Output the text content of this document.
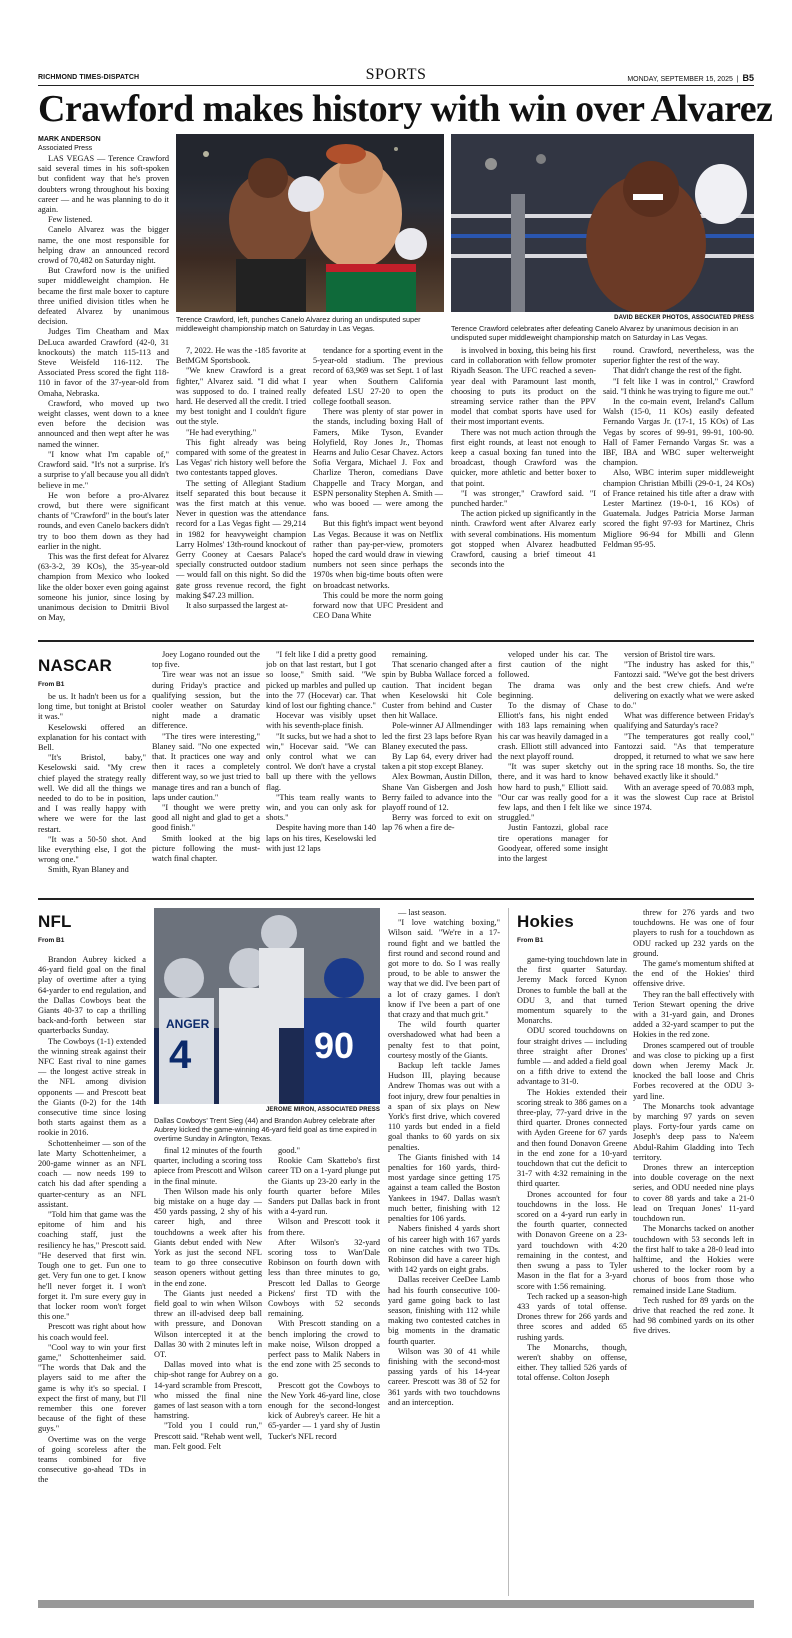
RICHMOND TIMES-DISPATCH	SPORTS	MONDAY, SEPTEMBER 15, 2025  |  B5
Crawford makes history with win over Alvarez
MARK ANDERSON
Associated Press

LAS VEGAS — Terence Crawford said several times in his soft-spoken but confident way that he's proven doubters wrong throughout his boxing career — and he was planning to do it again.

Few listened.

Canelo Alvarez was the bigger name, the one most responsible for helping draw an announced record crowd of 70,482 on Saturday night.

But Crawford now is the unified super middleweight champion. He became the first male boxer to capture three unified division titles when he defeated Alvarez by unanimous decision.

Judges Tim Cheatham and Max DeLuca awarded Crawford (42-0, 31 knockouts) the match 115-113 and Steve Weisfeld 116-112. The Associated Press scored the fight 118-110 in favor of the 37-year-old from Omaha, Nebraska.

Crawford, who moved up two weight classes, went down to a knee even before the decision was announced and then wept after he was named the winner.

"I know what I'm capable of," Crawford said. "It's not a surprise. It's a surprise to y'all because you all didn't believe in me."

He won before a pro-Alvarez crowd, but there were significant chants of "Crawford" in the bout's later rounds, and even Canelo backers didn't try to boo them down as they had earlier in the night.

This was the first defeat for Alvarez (63-3-2, 39 KOs), the 35-year-old champion from Mexico who looked like the older boxer even going against someone his junior, since losing by unanimous decision to Dmitrii Bivol on May,

Terence Crawford, left, punches Canelo Alvarez during an undisputed super middleweight championship match on Saturday in Las Vegas.
DAVID BECKER PHOTOS, ASSOCIATED PRESS
Terence Crawford celebrates after defeating Canelo Alvarez by unanimous decision in an undisputed super middleweight championship match on Saturday in Las Vegas.

7, 2022. He was the -185 favorite at BetMGM Sportsbook.

"We knew Crawford is a great fighter," Alvarez said. "I did what I was supposed to do. I trained really hard. He deserved all the credit. I tried my best tonight and I couldn't figure out the style.

"He had everything."

This fight already was being compared with some of the greatest in Las Vegas' rich history well before the two contestants tapped gloves.

The setting of Allegiant Stadium itself separated this bout because it was the first match at this venue. Never in question was the attendance record for a Las Vegas fight — 29,214 in 1982 for heavyweight champion Larry Holmes' 13th-round knockout of Gerry Cooney at Caesars Palace's specially constructed outdoor stadium — would fall on this night. So did the gate gross revenue record, the fight making $47.23 million.

It also surpassed the largest at-

tendance for a sporting event in the 5-year-old stadium. The previous record of 63,969 was set Sept. 1 of last year when Southern California defeated LSU 27-20 to open the college football season.

There was plenty of star power in the stands, including boxing Hall of Famers, Mike Tyson, Evander Holyfield, Roy Jones Jr., Thomas Hearns and Julio Cesar Chavez. Actors Sofia Vergara, Michael J. Fox and Charlize Theron, comedians Dave Chappelle and Tracy Morgan, and ESPN personality Stephen A. Smith — who was booed — were among the fans.

But this fight's impact went beyond Las Vegas. Because it was on Netflix rather than pay-per-view, promoters hoped the card would draw in viewing numbers not seen since perhaps the 1970s when big-time bouts often were on broadcast networks.

This could be more the norm going forward now that UFC President and CEO Dana White

is involved in boxing, this being his first card in collaboration with fellow promoter Riyadh Season. The UFC reached a seven-year deal with Paramount last month, choosing to puts its product on the streaming service rather than the PPV model that combat sports have used for their most important events.

There was not much action through the first eight rounds, at least not enough to keep a casual boxing fan tuned into the broadcast, though Crawford was the quicker, more athletic and better boxer to that point.

"I was stronger," Crawford said. "I punched harder."

The action picked up significantly in the ninth. Crawford went after Alvarez early with several combinations. His momentum got stopped when Alvarez headbutted Crawford, causing a brief timeout 41 seconds into the

round. Crawford, nevertheless, was the superior fighter the rest of the way.

That didn't change the rest of the fight.

"I felt like I was in control," Crawford said. "I think he was trying to figure me out."

In the co-main event, Ireland's Callum Walsh (15-0, 11 KOs) easily defeated Fernando Vargas Jr. (17-1, 15 KOs) of Las Vegas by scores of 99-91, 99-91, 100-90. Hall of Famer Fernando Vargas Sr. was a IBF, IBA and WBC super welterweight champion.

Also, WBC interim super middleweight champion Christian Mbilli (29-0-1, 24 KOs) of France retained his title after a draw with Lester Martinez (19-0-1, 16 KOs) of Guatemala. Judges Patricia Morse Jarman scored the fight 97-93 for Martinez, Chris Migliore 96-94 for Mbilli and Glenn Feldman 95-95.

NASCAR
From B1

be us. It hadn't been us for a long time, but tonight at Bristol it was."

Keselowski offered an explanation for his contact with Bell.

"It's Bristol, baby," Keselowski said. "My crew chief played the strategy really well. We did all the things we needed to do to be in position, and I was really happy with where we were for the last restart.

"It was a 50-50 shot. And like everything else, I got the wrong one."

Smith, Ryan Blaney and

Joey Logano rounded out the top five.

Tire wear was not an issue during Friday's practice and qualifying session, but the cooler weather on Saturday night made a dramatic difference.

"The tires were interesting," Blaney said. "No one expected that. It practices one way and then it races a completely different way, so we just tried to manage tires and ran a bunch of laps under caution."

"I thought we were pretty good all night and glad to get a good finish."

Smith looked at the big picture following the must-watch final chapter.

"I felt like I did a pretty good job on that last restart, but I got so loose," Smith said. "We picked up marbles and pulled up into the 77 (Hocevar) car. That kind of lost our fighting chance."

Hocevar was visibly upset with his seventh-place finish.

"It sucks, but we had a shot to win," Hocevar said. "We can only control what we can control. We don't have a crystal ball up there with the yellows flag.

"This team really wants to win, and you can only ask for shots."

Despite having more than 140 laps on his tires, Keselowski led with just 12 laps

remaining.

That scenario changed after a spin by Bubba Wallace forced a caution. That incident began when Keselowski hit Cole Custer from behind and Custer then hit Wallace.

Pole-winner AJ Allmendinger led the first 23 laps before Ryan Blaney executed the pass.

By Lap 64, every driver had taken a pit stop except Blaney.

Alex Bowman, Austin Dillon, Shane Van Gisbergen and Josh Berry failed to advance into the playoff round of 12.

Berry was forced to exit on lap 76 when a fire de-

veloped under his car. The first caution of the night followed.

The drama was only beginning.

To the dismay of Chase Elliott's fans, his night ended with 183 laps remaining when his car was heavily damaged in a crash. Elliott still advanced into the next playoff round.

"It was super sketchy out there, and it was hard to know how hard to push," Elliott said. "Our car was really good for a few laps, and then I felt like we struggled."

Justin Fantozzi, global race tire operations manager for Goodyear, offered some insight into the largest

version of Bristol tire wars.

"The industry has asked for this," Fantozzi said. "We've got the best drivers and the best crew chiefs. And we're delivering on exactly what we were asked to do."

What was difference between Friday's qualifying and Saturday's race?

"The temperatures got really cool," Fantozzi said. "As that temperature dropped, it returned to what we saw here in the spring race 18 months. So, the tire behaved exactly like it should."

With an average speed of 70.083 mph, it was the slowest Cup race at Bristol since 1974.

NFL
From B1

Brandon Aubrey kicked a 46-yard field goal on the final play of overtime after a tying 64-yarder to end regulation, and the Dallas Cowboys beat the Giants 40-37 to cap a thrilling back-and-forth between star quarterbacks Sunday.

The Cowboys (1-1) extended the winning streak against their NFC East rival to nine games — the longest active streak in the NFL among division opponents — and Prescott beat the Giants (0-2) for the 14th consecutive time since losing both starts against them as a rookie in 2016.

Schottenheimer — son of the late Marty Schottenheimer, a 200-game winner as an NFL coach — now needs 199 to catch his dad after spending a quarter-century as an NFL assistant.

"Told him that game was the epitome of him and his coaching staff, just the resiliency he has," Prescott said. "He deserved that first win. Tough one to get. Fun one to get. Very fun one to get. I know he'll never forget it. I won't forget it. I'm sure every guy in that locker room won't forget this one."

Prescott was right about how his coach would feel.

"Cool way to win your first game," Schottenheimer said. "The words that Dak and the players said to me after the game is why it's so special. I expect the first of many, but I'll remember this one forever because of the fight of these guys."

Overtime was on the verge of going scoreless after the teams combined for five consecutive go-ahead TDs in the

ANGER
4	90
JEROME MIRON, ASSOCIATED PRESS
Dallas Cowboys' Trent Sieg (44) and Brandon Aubrey celebrate after Aubrey kicked the game-winning 46-yard field goal as time expired in overtime Sunday in Arlington, Texas.

final 12 minutes of the fourth quarter, including a scoring toss apiece from Prescott and Wilson in the final minute.

Then Wilson made his only big mistake on a huge day — 450 yards passing, 2 shy of his career high, and three touchdowns a week after his Giants debut ended with New York as just the second NFL team to go three consecutive season openers without getting in the end zone.

The Giants just needed a field goal to win when Wilson threw an ill-advised deep ball with pressure, and Donovan Wilson intercepted it at the Dallas 30 with 2 minutes left in OT.

Dallas moved into what is chip-shot range for Aubrey on a 14-yard scramble from Prescott, who missed the final nine games of last season with a torn hamstring.

"Told you I could run," Prescott said. "Rehab went well, man. Felt good. Felt

good."

Rookie Cam Skattebo's first career TD on a 1-yard plunge put the Giants up 23-20 early in the fourth quarter before Miles Sanders put Dallas back in front with a 4-yard run.

Wilson and Prescott took it from there.

After Wilson's 32-yard scoring toss to Wan'Dale Robinson on fourth down with less than three minutes to go, Prescott led Dallas to George Pickens' first TD with the Cowboys with 52 seconds remaining.

With Prescott standing on a bench imploring the crowd to make noise, Wilson dropped a perfect pass to Malik Nabers in the end zone with 25 seconds to go.

Prescott got the Cowboys to the New York 46-yard line, close enough for the second-longest kick of Aubrey's career. He hit a 65-yarder — 1 yard shy of Justin Tucker's NFL record

— last season.

"I love watching boxing," Wilson said. "We're in a 17-round fight and we battled the first round and second round and got more to do. So I was really proud, to be able to answer the way that we did. I've been part of a lot of crazy games. I don't know if I've been a part of one that crazy and that much grit."

The wild fourth quarter overshadowed what had been a penalty fest to that point, courtesy mostly of the Giants.

Backup left tackle James Hudson III, playing because Andrew Thomas was out with a foot injury, drew four penalties in a span of six plays on New York's first drive, which covered 110 yards but ended in a field goal thanks to 60 yards on six penalties.

The Giants finished with 14 penalties for 160 yards, third-most yardage since getting 175 against a team called the Boston Yankees in 1947. Dallas wasn't much better, finishing with 12 penalties for 106 yards.

Nabers finished 4 yards short of his career high with 167 yards on nine catches with two TDs. Robinson did have a career high with 142 yards on eight grabs.

Dallas receiver CeeDee Lamb had his fourth consecutive 100-yard game going back to last season, finishing with 112 while making two contested catches in big moments in the dramatic fourth quarter.

Wilson was 30 of 41 while finishing with the second-most passing yards of his 14-year career. Prescott was 38 of 52 for 361 yards with two touchdowns and an interception.

Hokies
From B1

game-tying touchdown late in the first quarter Saturday. Jeremy Mack forced Kynon Drones to fumble the ball at the ODU 3, and that turned momentum squarely to the Monarchs.

ODU scored touchdowns on four straight drives — including three straight after Drones' fumble — and added a field goal on a fifth drive to extend the advantage to 31-0.

The Hokies extended their scoring streak to 386 games on a three-play, 77-yard drive in the third quarter. Drones connected with Ayden Greene for 67 yards and then found Donavon Greene in the end zone for a 10-yard touchdown that cut the deficit to 31-7 with 4:32 remaining in the third quarter.

Drones accounted for four touchdowns in the loss. He scored on a 4-yard run early in the fourth quarter, connected with Donavon Greene on a 23-yard touchdown with 4:20 remaining in the contest, and then swung a pass to Tyler Mason in the flat for a 3-yard score with 1:56 remaining.

Tech racked up a season-high 433 yards of total offense. Drones threw for 266 yards and three scores and added 65 rushing yards.

The Monarchs, though, weren't shabby on offense, either. They tallied 526 yards of total offense. Colton Joseph

threw for 276 yards and two touchdowns. He was one of four players to rush for a touchdown as ODU racked up 232 yards on the ground.

The game's momentum shifted at the end of the Hokies' third offensive drive.

They ran the ball effectively with Terion Stewart opening the drive with a 31-yard gain, and Drones added a 32-yard scamper to put the Hokies in the red zone.

Drones scampered out of trouble and was close to picking up a first down when Jeremy Mack Jr. knocked the ball loose and Chris Forbes recovered at the ODU 3-yard line.

The Monarchs took advantage by marching 97 yards on seven plays. Forty-four yards came on Joseph's deep pass to Na'eem Abdul-Rahim Gladding into Tech territory.

Drones threw an interception into double coverage on the next series, and ODU needed nine plays to cover 88 yards and take a 21-0 lead on Trequan Jones' 11-yard touchdown run.

The Monarchs tacked on another touchdown with 53 seconds left in the first half to take a 28-0 lead into halftime, and the Hokies were ushered to the locker room by a chorus of boos from those who remained inside Lane Stadium.

Tech rushed for 89 yards on the drive that reached the red zone. It had 98 combined yards on its other five drives.
